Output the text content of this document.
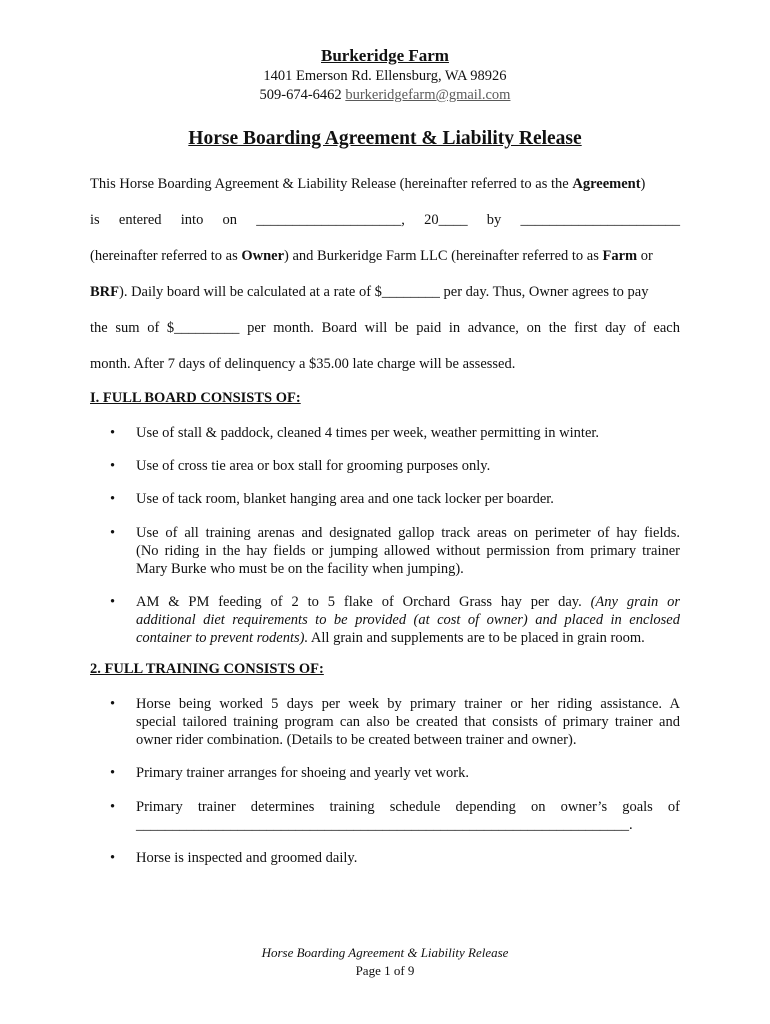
Burkeridge Farm
1401 Emerson Rd. Ellensburg, WA 98926
509-674-6462 burkeridgefarm@gmail.com
Horse Boarding Agreement & Liability Release
This Horse Boarding Agreement & Liability Release (hereinafter referred to as the Agreement)
is entered into on ____________________, 20____ by ______________________
(hereinafter referred to as Owner) and Burkeridge Farm LLC (hereinafter referred to as Farm or
BRF). Daily board will be calculated at a rate of $________ per day. Thus, Owner agrees to pay
the sum of $_________ per month. Board will be paid in advance, on the first day of each
month. After 7 days of delinquency a $35.00 late charge will be assessed.
I. FULL BOARD CONSISTS OF:
•	Use of stall & paddock, cleaned 4 times per week, weather permitting in winter.
•	Use of cross tie area or box stall for grooming purposes only.
•	Use of tack room, blanket hanging area and one tack locker per boarder.
•	Use of all training arenas and designated gallop track areas on perimeter of hay fields.
(No riding in the hay fields or jumping allowed without permission from primary trainer
Mary Burke who must be on the facility when jumping).
•	AM & PM feeding of 2 to 5 flake of Orchard Grass hay per day. (Any grain or
additional diet requirements to be provided (at cost of owner) and placed in enclosed
container to prevent rodents). All grain and supplements are to be placed in grain room.
2. FULL TRAINING CONSISTS OF:
•	Horse being worked 5 days per week by primary trainer or her riding assistance. A
special tailored training program can also be created that consists of primary trainer and
owner rider combination. (Details to be created between trainer and owner).
•	Primary trainer arranges for shoeing and yearly vet work.
•	Primary trainer determines training schedule depending on owner’s goals of
____________________________________________________________________.
•	Horse is inspected and groomed daily.
Horse Boarding Agreement & Liability Release
Page 1 of 9
